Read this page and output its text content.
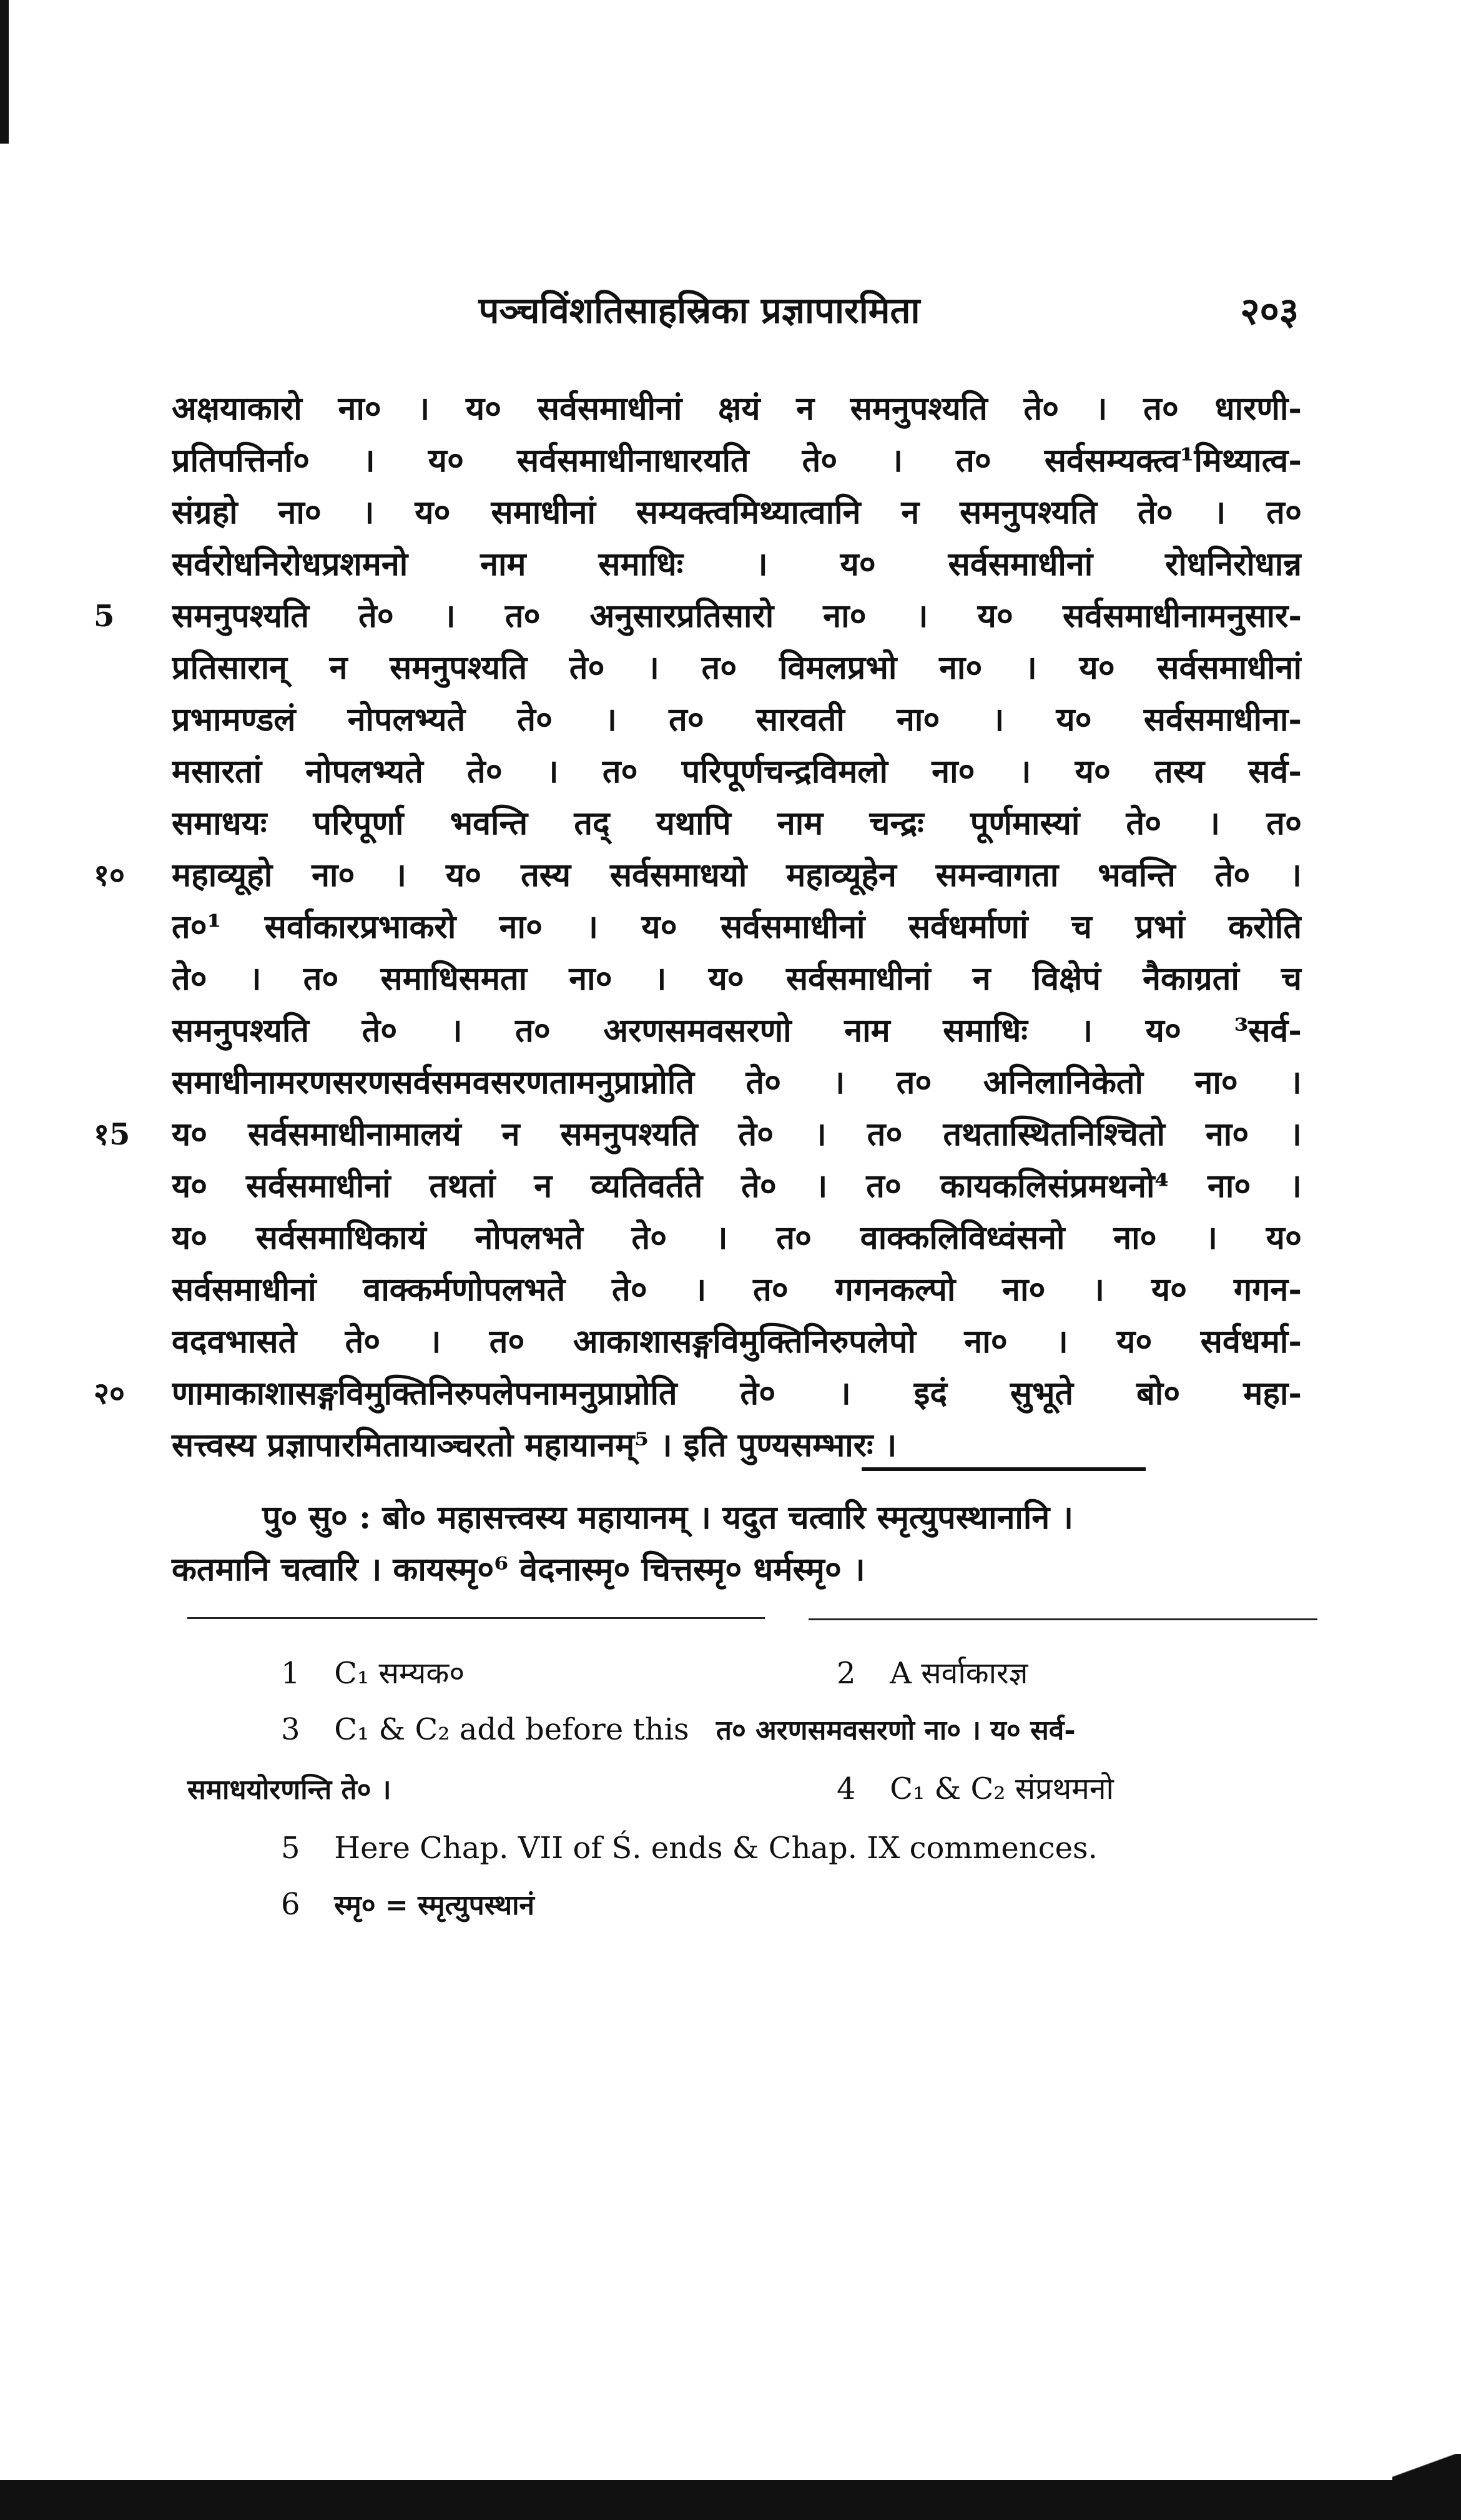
पञ्चविंशतिसाहस्रिका प्रज्ञापारमिता	२०३
अक्षयाकारो ना० । य० सर्वसमाधीनां क्षयं न समनुपश्यति ते० । त० धारणी-
प्रतिपत्तिर्ना० । य० सर्वसमाधीनाधारयति ते० । त० सर्वसम्यक्त्व¹मिथ्यात्व-
संग्रहो ना० । य० समाधीनां सम्यक्त्वमिथ्यात्वानि न समनुपश्यति ते० । त०
सर्वरोधनिरोधप्रशमनो नाम समाधिः । य० सर्वसमाधीनां रोधनिरोधान्न
5	समनुपश्यति ते० । त० अनुसारप्रतिसारो ना० । य० सर्वसमाधीनामनुसार-
प्रतिसारान् न समनुपश्यति ते० । त० विमलप्रभो ना० । य० सर्वसमाधीनां
प्रभामण्डलं नोपलभ्यते ते० । त० सारवती ना० । य० सर्वसमाधीना-
मसारतां नोपलभ्यते ते० । त० परिपूर्णचन्द्रविमलो ना० । य० तस्य सर्व-
समाधयः परिपूर्णा भवन्ति तद् यथापि नाम चन्द्रः पूर्णमास्यां ते० । त०
१०	महाव्यूहो ना० । य० तस्य सर्वसमाधयो महाव्यूहेन समन्वागता भवन्ति ते० ।
त०¹ सर्वाकारप्रभाकरो ना० । य० सर्वसमाधीनां सर्वधर्माणां च प्रभां करोति
ते० । त० समाधिसमता ना० । य० सर्वसमाधीनां न विक्षेपं नैकाग्रतां च
समनुपश्यति ते० । त० अरणसमवसरणो नाम समाधिः । य० ³सर्व-
समाधीनामरणसरणसर्वसमवसरणतामनुप्राप्नोति ते० । त० अनिलानिकेतो ना० ।
१5	य० सर्वसमाधीनामालयं न समनुपश्यति ते० । त० तथतास्थितनिश्चितो ना० ।
य० सर्वसमाधीनां तथतां न व्यतिवर्तते ते० । त० कायकलिसंप्रमथनो⁴ ना० ।
य० सर्वसमाधिकायं नोपलभते ते० । त० वाक्कलिविध्वंसनो ना० । य०
सर्वसमाधीनां वाक्कर्मणोपलभते ते० । त० गगनकल्पो ना० । य० गगन-
वदवभासते ते० । त० आकाशासङ्गविमुक्तिनिरुपलेपो ना० । य० सर्वधर्मा-
२०	णामाकाशासङ्गविमुक्तिनिरुपलेपनामनुप्राप्नोति ते० । इदं सुभूते बो० महा-
सत्त्वस्य प्रज्ञापारमितायाञ्चरतो महायानम्⁵ । इति पुण्यसम्भारः ।
पु० सु० : बो० महासत्त्वस्य महायानम् । यदुत चत्वारि स्मृत्युपस्थानानि ।
कतमानि चत्वारि । कायस्मृ०⁶ वेदनास्मृ० चित्तस्मृ० धर्मस्मृ० ।
1 C₁ सम्यक०	2 A सर्वाकारज्ञ
3 C₁ & C₂ add before this त० अरणसमवसरणो ना० । य० सर्व-
समाधयोरणन्ति ते० ।	4 C₁ & C₂ संप्रथमनो
5 Here Chap. VII of Ś. ends & Chap. IX commences.
6 स्मृ० = स्मृत्युपस्थानं
